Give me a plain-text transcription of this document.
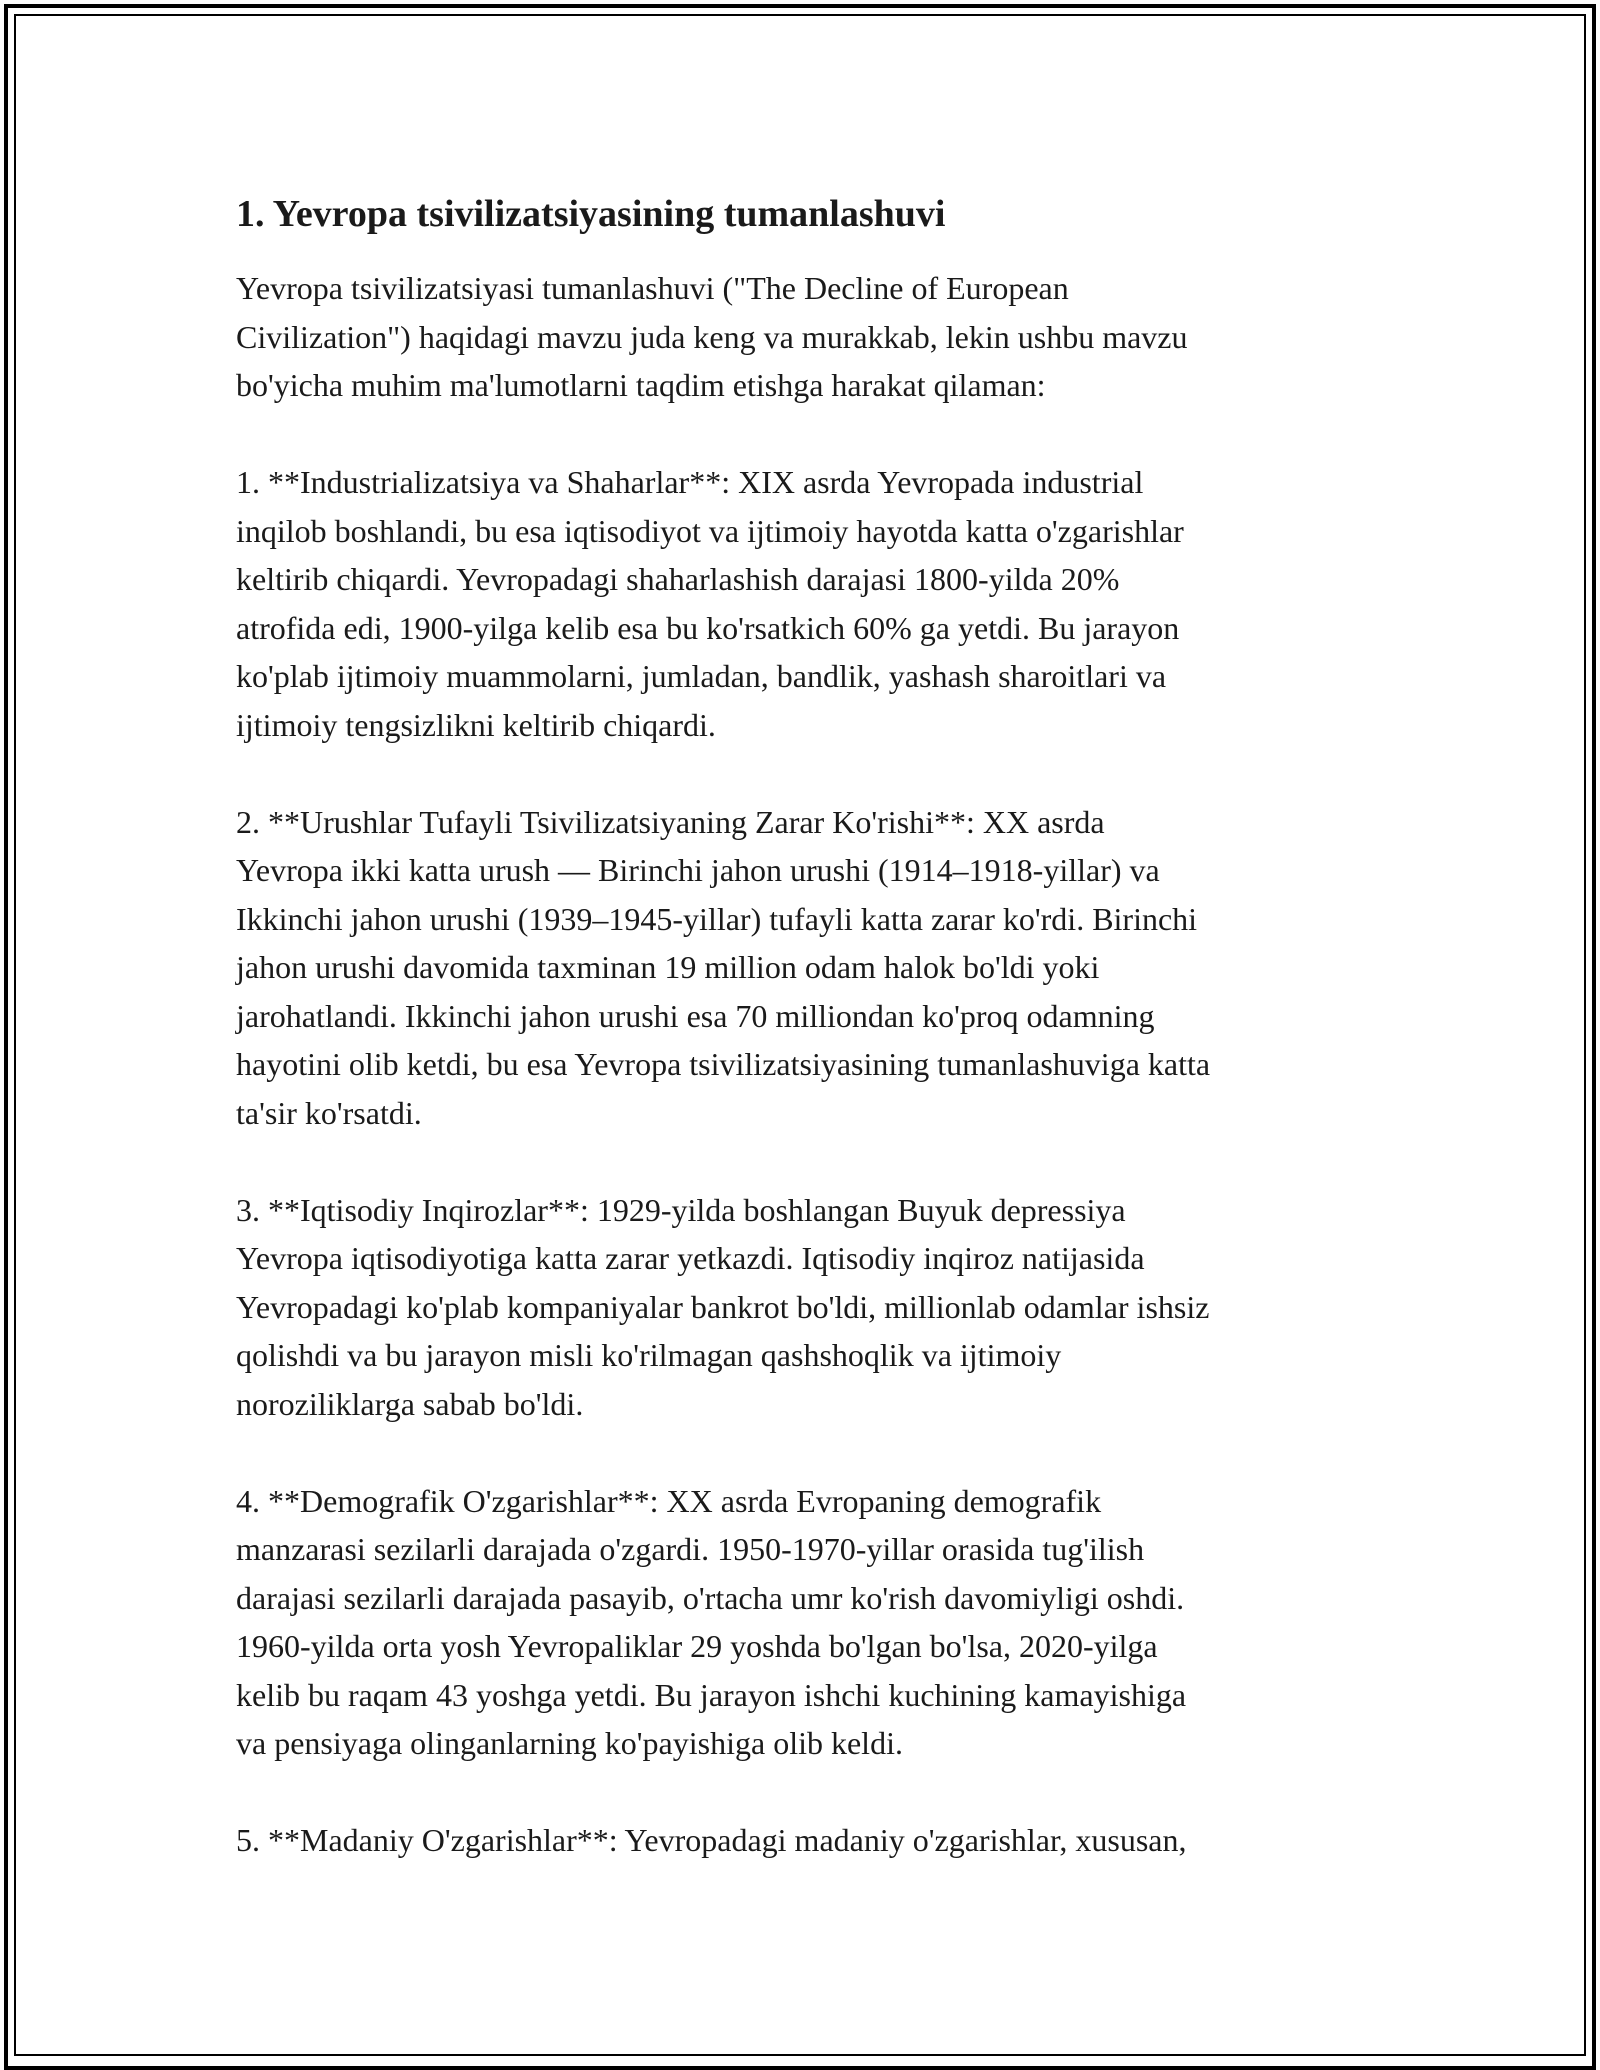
1. Yevropa tsivilizatsiyasining tumanlashuvi

Yevropa tsivilizatsiyasi tumanlashuvi ("The Decline of European
Civilization") haqidagi mavzu juda keng va murakkab, lekin ushbu mavzu
bo'yicha muhim ma'lumotlarni taqdim etishga harakat qilaman:

1. **Industrializatsiya va Shaharlar**: XIX asrda Yevropada industrial
inqilob boshlandi, bu esa iqtisodiyot va ijtimoiy hayotda katta o'zgarishlar
keltirib chiqardi. Yevropadagi shaharlashish darajasi 1800-yilda 20%
atrofida edi, 1900-yilga kelib esa bu ko'rsatkich 60% ga yetdi. Bu jarayon
ko'plab ijtimoiy muammolarni, jumladan, bandlik, yashash sharoitlari va
ijtimoiy tengsizlikni keltirib chiqardi.

2. **Urushlar Tufayli Tsivilizatsiyaning Zarar Ko'rishi**: XX asrda
Yevropa ikki katta urush — Birinchi jahon urushi (1914–1918-yillar) va
Ikkinchi jahon urushi (1939–1945-yillar) tufayli katta zarar ko'rdi. Birinchi
jahon urushi davomida taxminan 19 million odam halok bo'ldi yoki
jarohatlandi. Ikkinchi jahon urushi esa 70 milliondan ko'proq odamning
hayotini olib ketdi, bu esa Yevropa tsivilizatsiyasining tumanlashuviga katta
ta'sir ko'rsatdi.

3. **Iqtisodiy Inqirozlar**: 1929-yilda boshlangan Buyuk depressiya
Yevropa iqtisodiyotiga katta zarar yetkazdi. Iqtisodiy inqiroz natijasida
Yevropadagi ko'plab kompaniyalar bankrot bo'ldi, millionlab odamlar ishsiz
qolishdi va bu jarayon misli ko'rilmagan qashshoqlik va ijtimoiy
noroziliklarga sabab bo'ldi.

4. **Demografik O'zgarishlar**: XX asrda Evropaning demografik
manzarasi sezilarli darajada o'zgardi. 1950-1970-yillar orasida tug'ilish
darajasi sezilarli darajada pasayib, o'rtacha umr ko'rish davomiyligi oshdi.
1960-yilda orta yosh Yevropaliklar 29 yoshda bo'lgan bo'lsa, 2020-yilga
kelib bu raqam 43 yoshga yetdi. Bu jarayon ishchi kuchining kamayishiga
va pensiyaga olinganlarning ko'payishiga olib keldi.

5. **Madaniy O'zgarishlar**: Yevropadagi madaniy o'zgarishlar, xususan,
